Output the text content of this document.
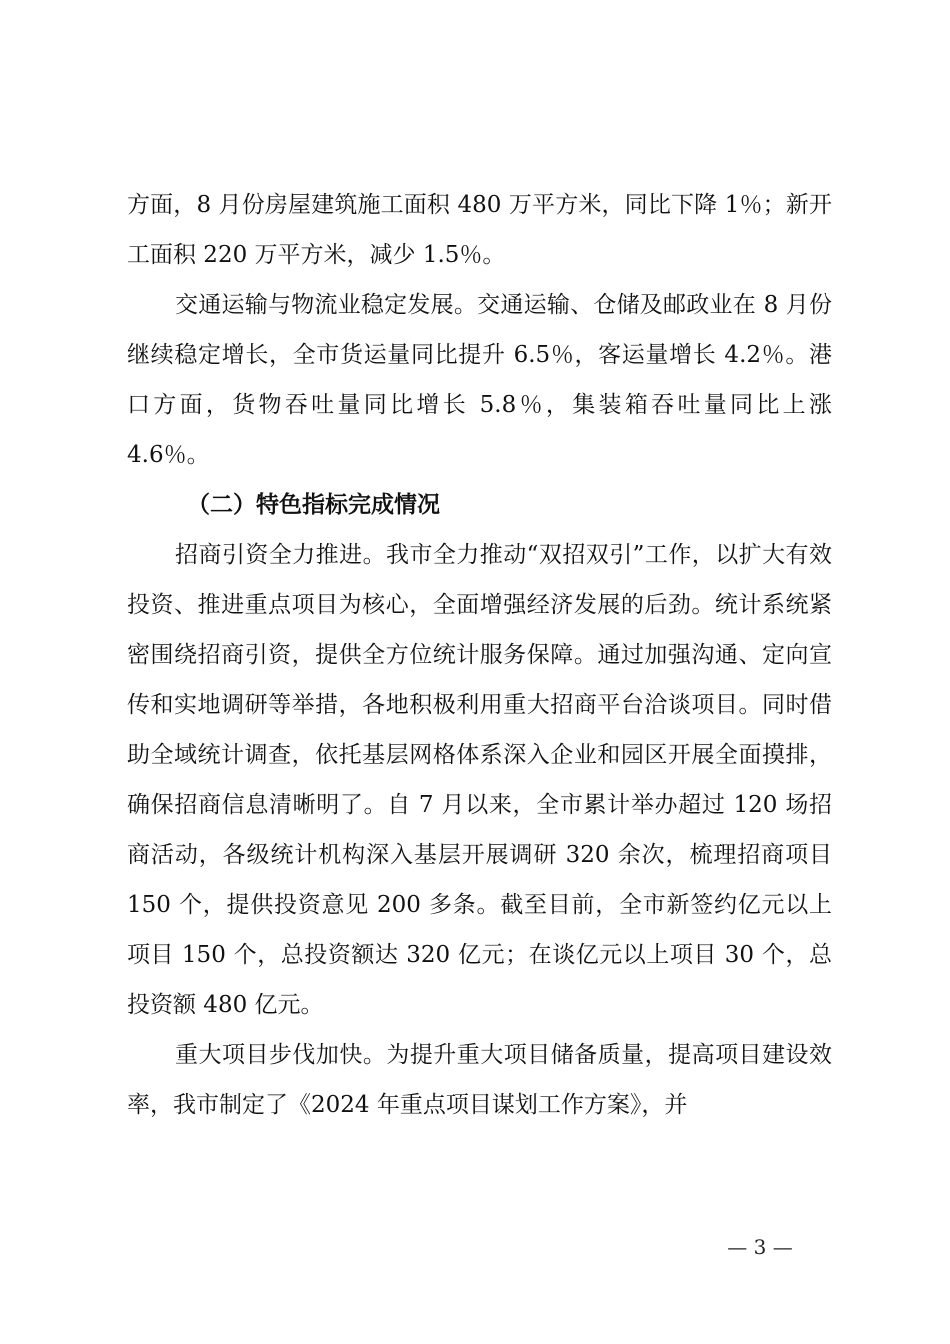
方面，8 月份房屋建筑施工面积 480 万平方米，同比下降 1％；新开工面积 220 万平方米，减少 1.5％。

交通运输与物流业稳定发展。交通运输、仓储及邮政业在 8 月份继续稳定增长，全市货运量同比提升 6.5％，客运量增长 4.2％。港口方面，货物吞吐量同比增长 5.8％，集装箱吞吐量同比上涨 4.6％。

（二）特色指标完成情况

招商引资全力推进。我市全力推动“双招双引”工作，以扩大有效投资、推进重点项目为核心，全面增强经济发展的后劲。统计系统紧密围绕招商引资，提供全方位统计服务保障。通过加强沟通、定向宣传和实地调研等举措，各地积极利用重大招商平台洽谈项目。同时借助全域统计调查，依托基层网格体系深入企业和园区开展全面摸排，确保招商信息清晰明了。自 7 月以来，全市累计举办超过 120 场招商活动，各级统计机构深入基层开展调研 320 余次，梳理招商项目 150 个，提供投资意见 200 多条。截至目前，全市新签约亿元以上项目 150 个，总投资额达 320 亿元；在谈亿元以上项目 30 个，总投资额 480 亿元。

重大项目步伐加快。为提升重大项目储备质量，提高项目建设效率，我市制定了《2024 年重点项目谋划工作方案》，并

— 3 —
